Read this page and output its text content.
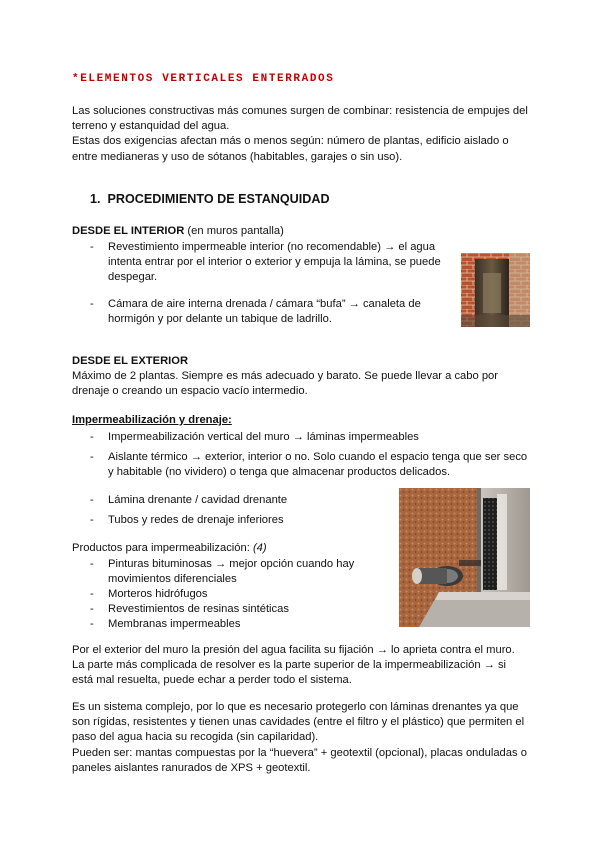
*ELEMENTOS VERTICALES ENTERRADOS
Las soluciones constructivas más comunes surgen de combinar: resistencia de empujes del
terreno y estanquidad del agua.
Estas dos exigencias afectan más o menos según: número de plantas, edificio aislado o
entre medianeras y uso de sótanos (habitables, garajes o sin uso).
1. PROCEDIMIENTO DE ESTANQUIDAD
DESDE EL INTERIOR (en muros pantalla)
- Revestimiento impermeable interior (no recomendable) → el agua
intenta entrar por el interior o exterior y empuja la lámina, se puede
despegar.
- Cámara de aire interna drenada / cámara “bufa” → canaleta de
hormigón y por delante un tabique de ladrillo.
DESDE EL EXTERIOR
Máximo de 2 plantas. Siempre es más adecuado y barato. Se puede llevar a cabo por
drenaje o creando un espacio vacío intermedio.
Impermeabilización y drenaje:
- Impermeabilización vertical del muro → láminas impermeables
- Aislante térmico → exterior, interior o no. Solo cuando el espacio tenga que ser seco
y habitable (no vividero) o tenga que almacenar productos delicados.
- Lámina drenante / cavidad drenante
- Tubos y redes de drenaje inferiores
Productos para impermeabilización: (4)
- Pinturas bituminosas → mejor opción cuando hay
movimientos diferenciales
- Morteros hidrófugos
- Revestimientos de resinas sintéticas
- Membranas impermeables
Por el exterior del muro la presión del agua facilita su fijación → lo aprieta contra el muro.
La parte más complicada de resolver es la parte superior de la impermeabilización → si
está mal resuelta, puede echar a perder todo el sistema.
Es un sistema complejo, por lo que es necesario protegerlo con láminas drenantes ya que
son rígidas, resistentes y tienen unas cavidades (entre el filtro y el plástico) que permiten el
paso del agua hacia su recogida (sin capilaridad).
Pueden ser: mantas compuestas por la “huevera” + geotextil (opcional), placas onduladas o
paneles aislantes ranurados de XPS + geotextil.
